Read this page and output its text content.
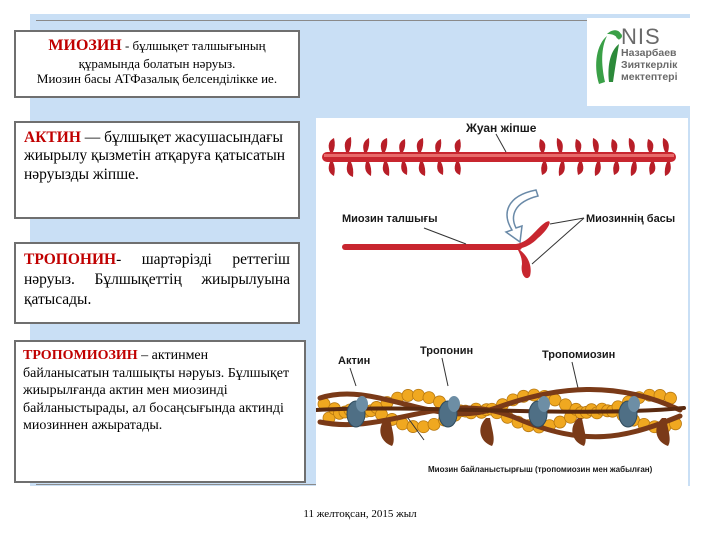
МИОЗИН - бұлшықет талшығының
құрамында болатын нәруыз.
Миозин басы АТФазалық белсенділікке ие.
АКТИН — бұлшықет жасушасындағы жиырылу қызметін атқаруға қатысатын нәруызды жіпше.
ТРОПОНИН- шартәрізді реттегіш нәруыз. Бұлшықеттің жиырылуына қатысады.
ТРОПОМИОЗИН – актинмен байланысатын талшықты нәруыз. Бұлшықет жиырылғанда актин мен миозинді байланыстырады, ал босаңсығында актинді миозиннен ажыратады.
NIS
Назарбаев
Зияткерлік
мектептері
Жуан жіпше
Миозин талшығы	Миозиннің басы
Актин
Тропонин	Тропомиозин
Миозин байланыстырғыш (тропомиозин мен жабылған)
11 желтоқсан, 2015 жыл
